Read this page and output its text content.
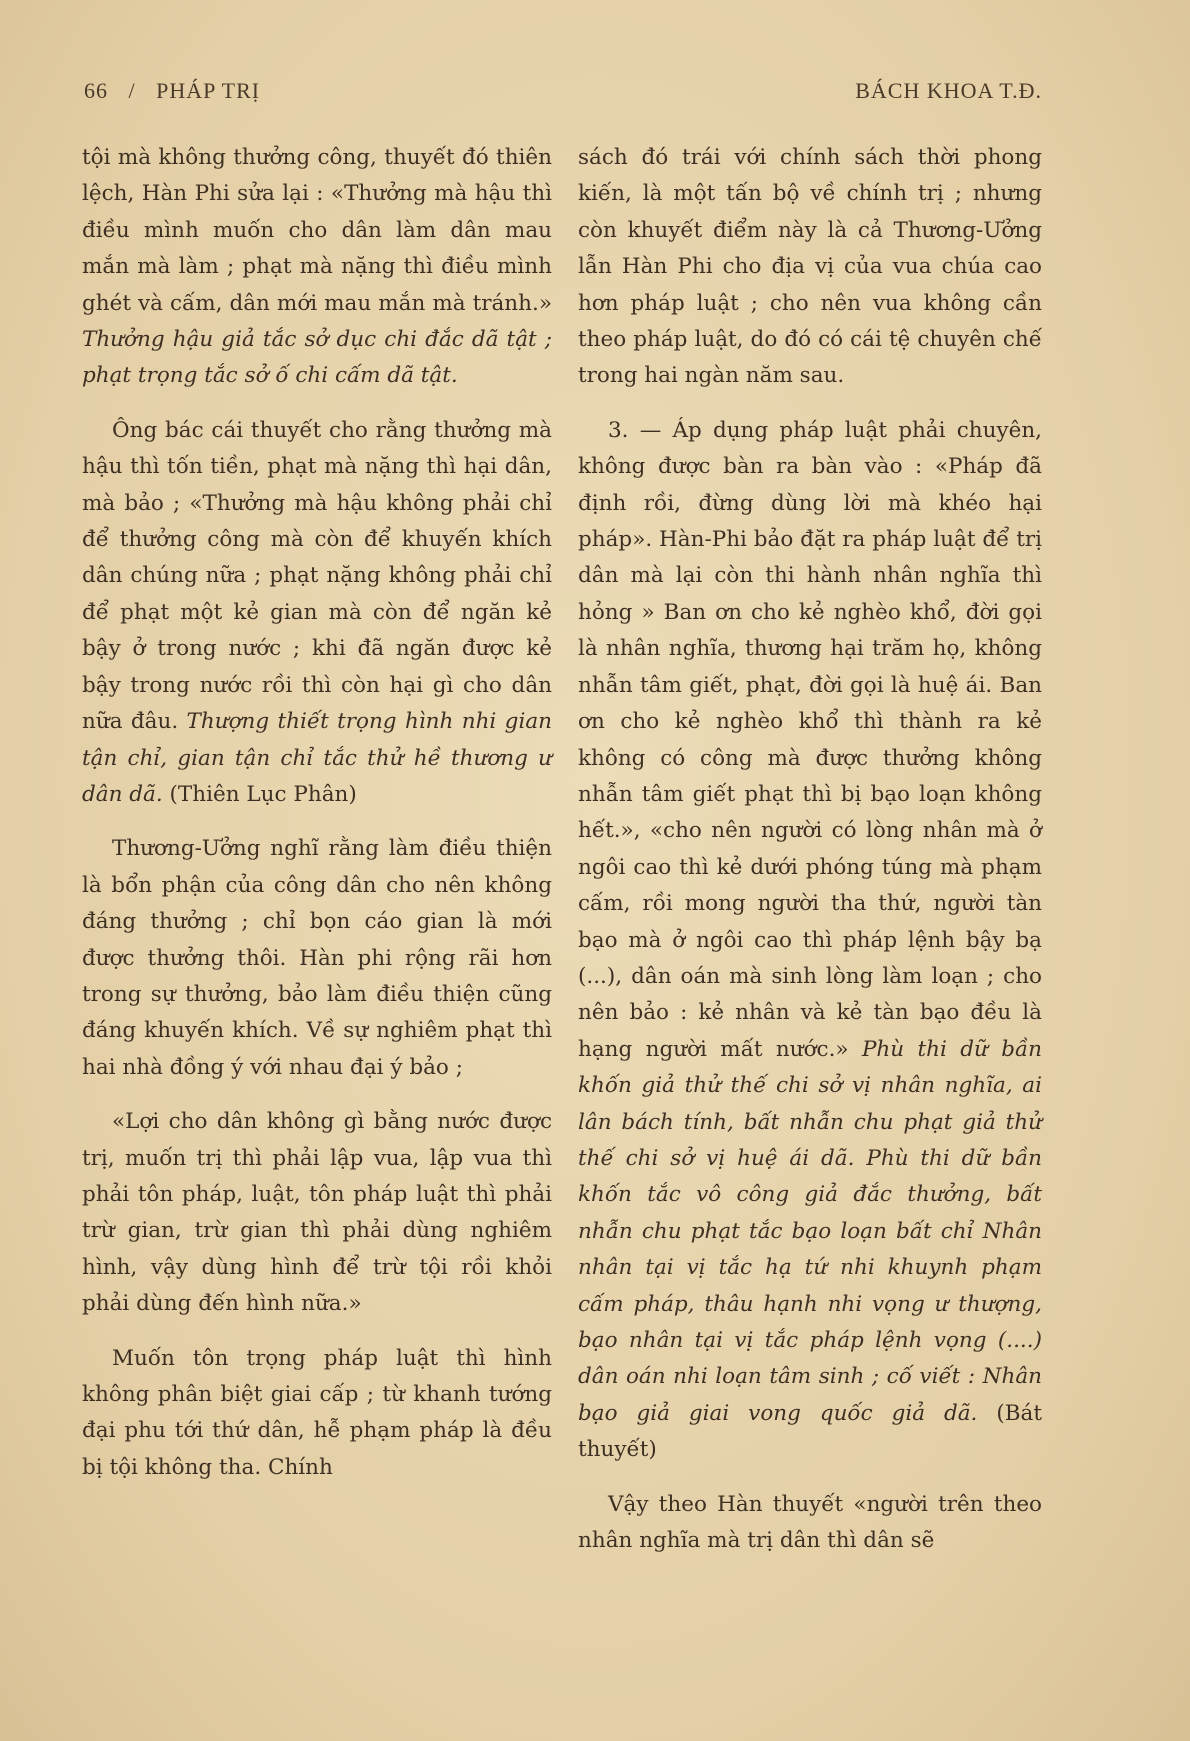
66 / PHÁP TRỊ	BÁCH KHOA T.Đ.

tội mà không thưởng công, thuyết đó thiên lệch, Hàn Phi sửa lại : «Thưởng mà hậu thì điều mình muốn cho dân làm dân mau mắn mà làm ; phạt mà nặng thì điều mình ghét và cấm, dân mới mau mắn mà tránh.» Thưởng hậu giả tắc sở dục chi đắc dã tật ; phạt trọng tắc sở ố chi cấm dã tật.

Ông bác cái thuyết cho rằng thưởng mà hậu thì tốn tiền, phạt mà nặng thì hại dân, mà bảo ; «Thưởng mà hậu không phải chỉ để thưởng công mà còn để khuyến khích dân chúng nữa ; phạt nặng không phải chỉ để phạt một kẻ gian mà còn để ngăn kẻ bậy ở trong nước ; khi đã ngăn được kẻ bậy trong nước rồi thì còn hại gì cho dân nữa đâu. Thượng thiết trọng hình nhi gian tận chỉ, gian tận chỉ tắc thử hề thương ư dân dã. (Thiên Lục Phân)

Thương-Ưởng nghĩ rằng làm điều thiện là bổn phận của công dân cho nên không đáng thưởng ; chỉ bọn cáo gian là mới được thưởng thôi. Hàn phi rộng rãi hơn trong sự thưởng, bảo làm điều thiện cũng đáng khuyến khích. Về sự nghiêm phạt thì hai nhà đồng ý với nhau đại ý bảo ;

«Lợi cho dân không gì bằng nước được trị, muốn trị thì phải lập vua, lập vua thì phải tôn pháp, luật, tôn pháp luật thì phải trừ gian, trừ gian thì phải dùng nghiêm hình, vậy dùng hình để trừ tội rồi khỏi phải dùng đến hình nữa.»

Muốn tôn trọng pháp luật thì hình không phân biệt giai cấp ; từ khanh tướng đại phu tới thứ dân, hễ phạm pháp là đều bị tội không tha. Chính

sách đó trái với chính sách thời phong kiến, là một tấn bộ về chính trị ; nhưng còn khuyết điểm này là cả Thương-Ưởng lẫn Hàn Phi cho địa vị của vua chúa cao hơn pháp luật ; cho nên vua không cần theo pháp luật, do đó có cái tệ chuyên chế trong hai ngàn năm sau.

3. — Áp dụng pháp luật phải chuyên, không được bàn ra bàn vào : «Pháp đã định rồi, đừng dùng lời mà khéo hại pháp». Hàn-Phi bảo đặt ra pháp luật để trị dân mà lại còn thi hành nhân nghĩa thì hỏng » Ban ơn cho kẻ nghèo khổ, đời gọi là nhân nghĩa, thương hại trăm họ, không nhẫn tâm giết, phạt, đời gọi là huệ ái. Ban ơn cho kẻ nghèo khổ thì thành ra kẻ không có công mà được thưởng không nhẫn tâm giết phạt thì bị bạo loạn không hết.», «cho nên người có lòng nhân mà ở ngôi cao thì kẻ dưới phóng túng mà phạm cấm, rồi mong người tha thứ, người tàn bạo mà ở ngôi cao thì pháp lệnh bậy bạ (...), dân oán mà sinh lòng làm loạn ; cho nên bảo : kẻ nhân và kẻ tàn bạo đều là hạng người mất nước.» Phù thi dữ bần khốn giả thử thế chi sở vị nhân nghĩa, ai lân bách tính, bất nhẫn chu phạt giả thử thế chi sở vị huệ ái dã. Phù thi dữ bần khốn tắc vô công giả đắc thưởng, bất nhẫn chu phạt tắc bạo loạn bất chỉ Nhân nhân tại vị tắc hạ tứ nhi khuynh phạm cấm pháp, thâu hạnh nhi vọng ư thượng, bạo nhân tại vị tắc pháp lệnh vọng (....) dân oán nhi loạn tâm sinh ; cố viết : Nhân bạo giả giai vong quốc giả dã. (Bát thuyết)

Vậy theo Hàn thuyết «người trên theo nhân nghĩa mà trị dân thì dân sẽ
